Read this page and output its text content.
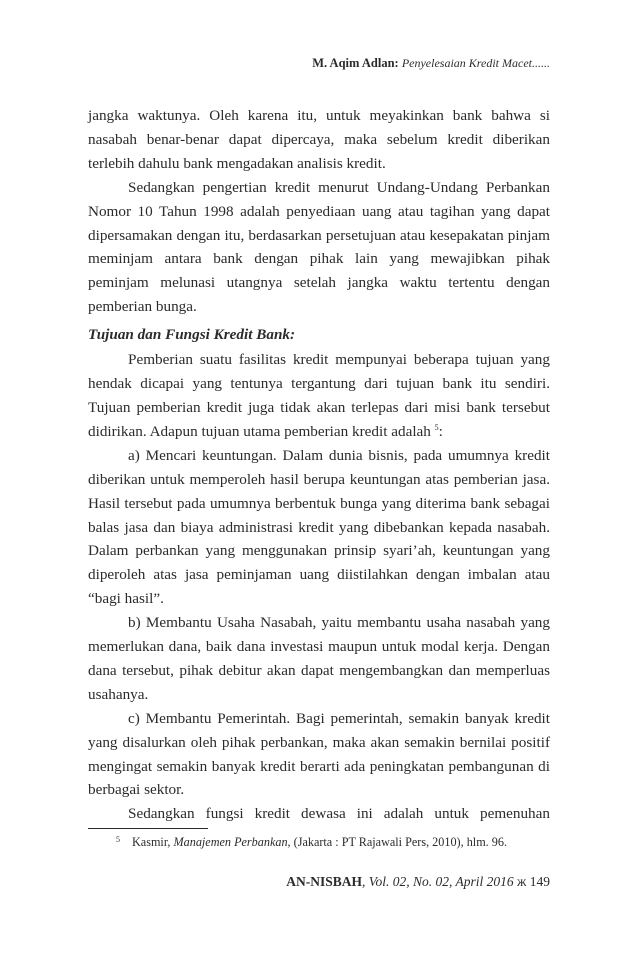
M. Aqim Adlan: Penyelesaian Kredit Macet......

jangka waktunya. Oleh karena itu, untuk meyakinkan bank bahwa si nasabah benar-benar dapat dipercaya, maka sebelum kredit diberikan terlebih dahulu bank mengadakan analisis kredit.

Sedangkan pengertian kredit menurut Undang-Undang Perbankan Nomor 10 Tahun 1998 adalah penyediaan uang atau tagihan yang dapat dipersamakan dengan itu, berdasarkan persetujuan atau kesepakatan pinjam meminjam antara bank dengan pihak lain yang mewajibkan pihak peminjam melunasi utangnya setelah jangka waktu tertentu dengan pemberian bunga.

Tujuan dan Fungsi Kredit Bank:

Pemberian suatu fasilitas kredit mempunyai beberapa tujuan yang hendak dicapai yang tentunya tergantung dari tujuan bank itu sendiri. Tujuan pemberian kredit juga tidak akan terlepas dari misi bank tersebut didirikan. Adapun tujuan utama pemberian kredit adalah $^5$:

a) Mencari keuntungan. Dalam dunia bisnis, pada umumnya kredit diberikan untuk memperoleh hasil berupa keuntungan atas pemberian jasa. Hasil tersebut pada umumnya berbentuk bunga yang diterima bank sebagai balas jasa dan biaya administrasi kredit yang dibebankan kepada nasabah. Dalam perbankan yang menggunakan prinsip syari’ah, keuntungan yang diperoleh atas jasa peminjaman uang diistilahkan dengan imbalan atau “bagi hasil”.

b) Membantu Usaha Nasabah, yaitu membantu usaha nasabah yang memerlukan dana, baik dana investasi maupun untuk modal kerja. Dengan dana tersebut, pihak debitur akan dapat mengembangkan dan memperluas usahanya.

c) Membantu Pemerintah. Bagi pemerintah, semakin banyak kredit yang disalurkan oleh pihak perbankan, maka akan semakin bernilai positif mengingat semakin banyak kredit berarti ada peningkatan pembangunan di berbagai sektor.

Sedangkan fungsi kredit dewasa ini adalah untuk pemenuhan

$^5$ Kasmir, Manajemen Perbankan, (Jakarta : PT Rajawali Pers, 2010), hlm. 96.
AN-NISBAH, Vol. 02, No. 02, April 2016 ж 149
